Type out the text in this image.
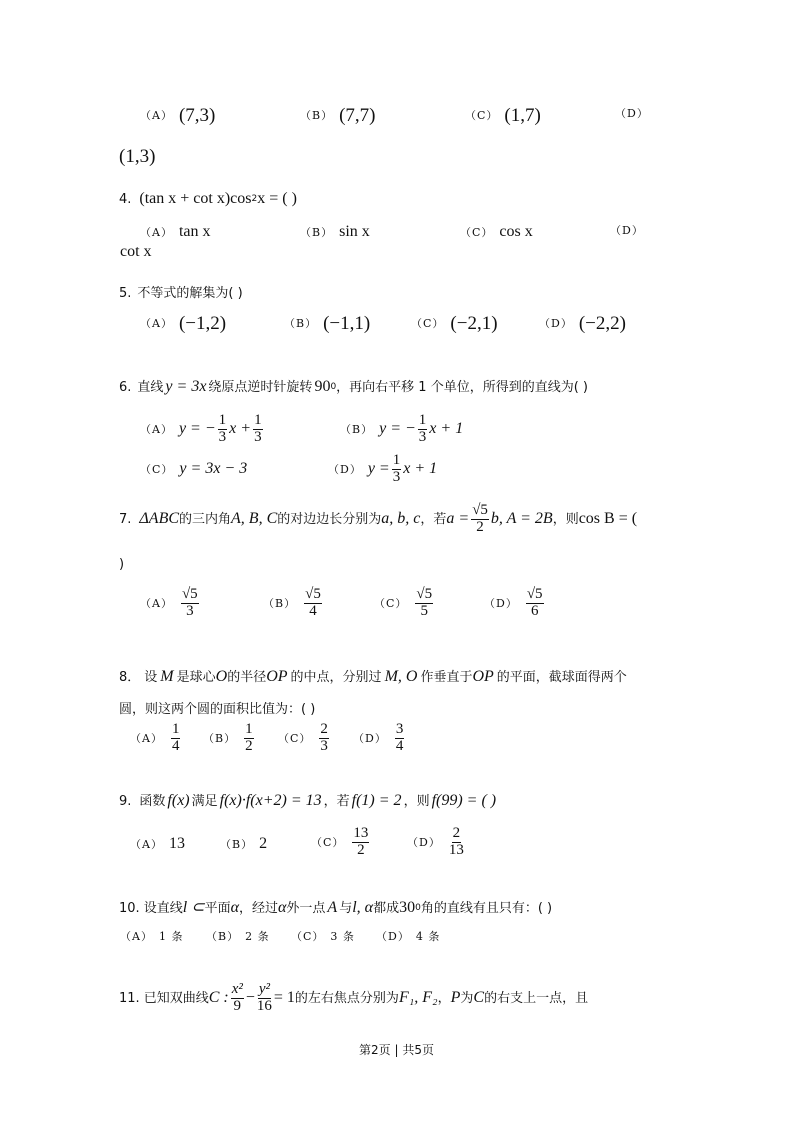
（A） (7,3)	（B） (7,7)	（C） (1,7)	（D）
(1,3)
4. (tan x + cot x)cos 2 x = ( )
（A） tan x	（B） sin x	（C） cos x	（D）
cot x
5. 不等式的解集为( )
（A） (−1,2)	（B） (−1,1)	（C） (−2,1)	（D） (−2,2)
6. 直线 y = 3x 绕原点逆时针旋转 90 0 ，再向右平移 1 个单位，所得到的直线为( )
（A） y = − $\frac{1}{3}$ $x + \frac{1}{3}$	（B） y = − $\frac{1}{3}$ x + 1
（C） y = 3x − 3	（D） $y = \frac{1}{3}$ x + 1
7. ΔABC 的三内角 A, B, C 的对边边长分别为 a, b, c ，若 $a = \frac{√5}{2} b$, A = 2B ，则 cos B = (
)
$(A) \frac{√5}{3}$	$(B) \frac{√5}{4}$	$(C) \frac{√5}{5}$	$(D) \frac{√5}{6}$
8． 设 M 是球心 O 的半径 OP 的中点，分别过 M, O 作垂直于 OP 的平面，截球面得两个
圆，则这两个圆的面积比值为：( )
$(A) \frac{1}{4} (B) \frac{1}{2} (C) \frac{2}{3} (D) \frac{3}{4}$
9. 函数 f(x) 满足 f(x)·f(x+2) = 13 ，若 f(1) = 2 ，则 f(99) = ( )
（A） 13	（B） 2	$(C) \frac{13}{2}$	$(D) \frac{2}{13}$
10. 设直线 l ⊂ 平面 α ，经过 α 外一点 A 与 l, α 都成 30 0 角的直线有且只有：( )
（A） 1 条 （B） 2 条 （C） 3 条 （D） 4 条
11. 已知双曲线 C : $\frac{\text{x²}}{9} - \frac{\text{y²}}{16} = 1$ 的左右焦点分别为 F₁, F₂ ， P 为 C 的右支上一点，且
第2页 | 共5页
